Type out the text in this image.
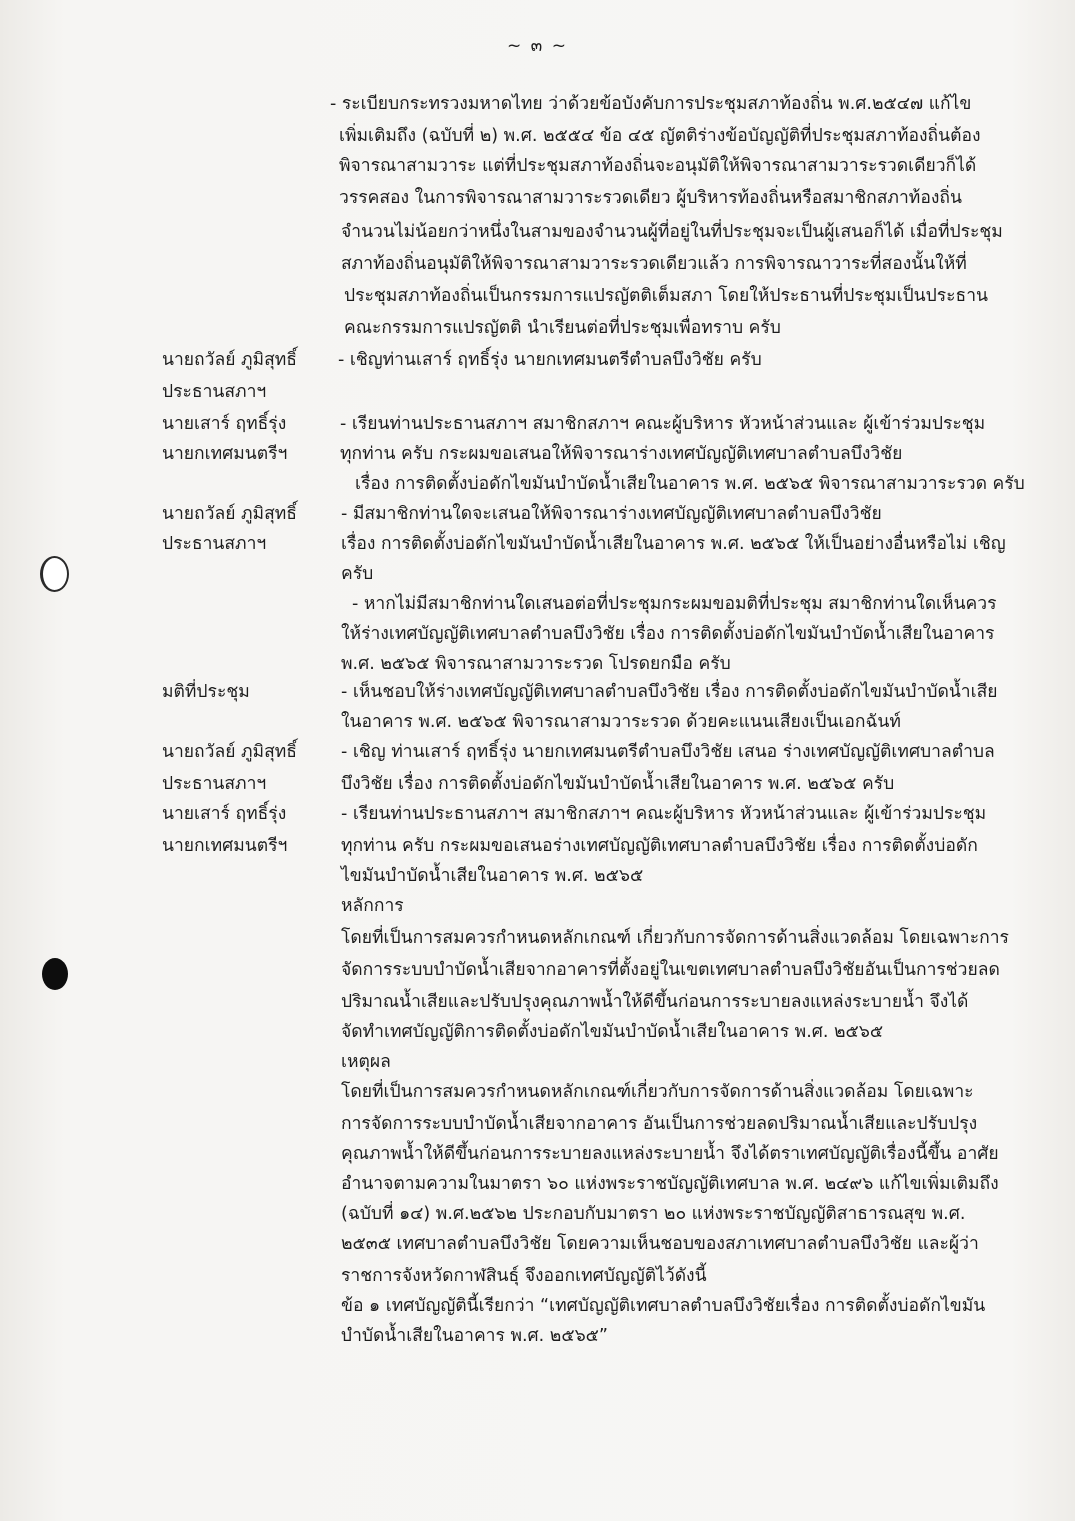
~ ๓ ~
นายถวัลย์ ภูมิสุทธิ์
ประธานสภาฯ
นายเสาร์ ฤทธิ์รุ่ง
นายกเทศมนตรีฯ
นายถวัลย์ ภูมิสุทธิ์
ประธานสภาฯ
มติที่ประชุม
นายถวัลย์ ภูมิสุทธิ์
ประธานสภาฯ
นายเสาร์ ฤทธิ์รุ่ง
นายกเทศมนตรีฯ
- ระเบียบกระทรวงมหาดไทย ว่าด้วยข้อบังคับการประชุมสภาท้องถิ่น พ.ศ.๒๕๔๗ แก้ไข
เพิ่มเติมถึง (ฉบับที่ ๒) พ.ศ. ๒๕๕๔ ข้อ ๔๕ ญัตติร่างข้อบัญญัติที่ประชุมสภาท้องถิ่นต้อง
พิจารณาสามวาระ แต่ที่ประชุมสภาท้องถิ่นจะอนุมัติให้พิจารณาสามวาระรวดเดียวก็ได้
วรรคสอง ในการพิจารณาสามวาระรวดเดียว ผู้บริหารท้องถิ่นหรือสมาชิกสภาท้องถิ่น
จำนวนไม่น้อยกว่าหนึ่งในสามของจำนวนผู้ที่อยู่ในที่ประชุมจะเป็นผู้เสนอก็ได้ เมื่อที่ประชุม
สภาท้องถิ่นอนุมัติให้พิจารณาสามวาระรวดเดียวแล้ว การพิจารณาวาระที่สองนั้นให้ที่
ประชุมสภาท้องถิ่นเป็นกรรมการแปรญัตติเต็มสภา โดยให้ประธานที่ประชุมเป็นประธาน
คณะกรรมการแปรญัตติ นำเรียนต่อที่ประชุมเพื่อทราบ ครับ
- เชิญท่านเสาร์ ฤทธิ์รุ่ง นายกเทศมนตรีตำบลบึงวิชัย ครับ
- เรียนท่านประธานสภาฯ สมาชิกสภาฯ คณะผู้บริหาร หัวหน้าส่วนและ ผู้เข้าร่วมประชุม
ทุกท่าน ครับ กระผมขอเสนอให้พิจารณาร่างเทศบัญญัติเทศบาลตำบลบึงวิชัย
เรื่อง การติดตั้งบ่อดักไขมันบำบัดน้ำเสียในอาคาร พ.ศ. ๒๕๖๕ พิจารณาสามวาระรวด ครับ
- มีสมาชิกท่านใดจะเสนอให้พิจารณาร่างเทศบัญญัติเทศบาลตำบลบึงวิชัย
เรื่อง การติดตั้งบ่อดักไขมันบำบัดน้ำเสียในอาคาร พ.ศ. ๒๕๖๕ ให้เป็นอย่างอื่นหรือไม่ เชิญ
ครับ
- หากไม่มีสมาชิกท่านใดเสนอต่อที่ประชุมกระผมขอมติที่ประชุม สมาชิกท่านใดเห็นควร
ให้ร่างเทศบัญญัติเทศบาลตำบลบึงวิชัย เรื่อง การติดตั้งบ่อดักไขมันบำบัดน้ำเสียในอาคาร
พ.ศ. ๒๕๖๕ พิจารณาสามวาระรวด โปรดยกมือ ครับ
- เห็นชอบให้ร่างเทศบัญญัติเทศบาลตำบลบึงวิชัย เรื่อง การติดตั้งบ่อดักไขมันบำบัดน้ำเสีย
ในอาคาร พ.ศ. ๒๕๖๕ พิจารณาสามวาระรวด ด้วยคะแนนเสียงเป็นเอกฉันท์
- เชิญ ท่านเสาร์ ฤทธิ์รุ่ง นายกเทศมนตรีตำบลบึงวิชัย เสนอ ร่างเทศบัญญัติเทศบาลตำบล
บึงวิชัย เรื่อง การติดตั้งบ่อดักไขมันบำบัดน้ำเสียในอาคาร พ.ศ. ๒๕๖๕ ครับ
- เรียนท่านประธานสภาฯ สมาชิกสภาฯ คณะผู้บริหาร หัวหน้าส่วนและ ผู้เข้าร่วมประชุม
ทุกท่าน ครับ กระผมขอเสนอร่างเทศบัญญัติเทศบาลตำบลบึงวิชัย เรื่อง การติดตั้งบ่อดัก
ไขมันบำบัดน้ำเสียในอาคาร พ.ศ. ๒๕๖๕
หลักการ
โดยที่เป็นการสมควรกำหนดหลักเกณฑ์ เกี่ยวกับการจัดการด้านสิ่งแวดล้อม โดยเฉพาะการ
จัดการระบบบำบัดน้ำเสียจากอาคารที่ตั้งอยู่ในเขตเทศบาลตำบลบึงวิชัยอันเป็นการช่วยลด
ปริมาณน้ำเสียและปรับปรุงคุณภาพน้ำให้ดีขึ้นก่อนการระบายลงแหล่งระบายน้ำ จึงได้
จัดทำเทศบัญญัติการติดตั้งบ่อดักไขมันบำบัดน้ำเสียในอาคาร พ.ศ. ๒๕๖๕
เหตุผล
โดยที่เป็นการสมควรกำหนดหลักเกณฑ์เกี่ยวกับการจัดการด้านสิ่งแวดล้อม โดยเฉพาะ
การจัดการระบบบำบัดน้ำเสียจากอาคาร อันเป็นการช่วยลดปริมาณน้ำเสียและปรับปรุง
คุณภาพน้ำให้ดีขึ้นก่อนการระบายลงแหล่งระบายน้ำ จึงได้ตราเทศบัญญัติเรื่องนี้ขึ้น อาศัย
อำนาจตามความในมาตรา ๖๐ แห่งพระราชบัญญัติเทศบาล พ.ศ. ๒๔๙๖ แก้ไขเพิ่มเติมถึง
(ฉบับที่ ๑๔) พ.ศ.๒๕๖๒ ประกอบกับมาตรา ๒๐ แห่งพระราชบัญญัติสาธารณสุข พ.ศ.
๒๕๓๕ เทศบาลตำบลบึงวิชัย โดยความเห็นชอบของสภาเทศบาลตำบลบึงวิชัย และผู้ว่า
ราชการจังหวัดกาฬสินธุ์ จึงออกเทศบัญญัติไว้ดังนี้
ข้อ ๑ เทศบัญญัตินี้เรียกว่า “เทศบัญญัติเทศบาลตำบลบึงวิชัยเรื่อง การติดตั้งบ่อดักไขมัน
บำบัดน้ำเสียในอาคาร พ.ศ. ๒๕๖๕”
